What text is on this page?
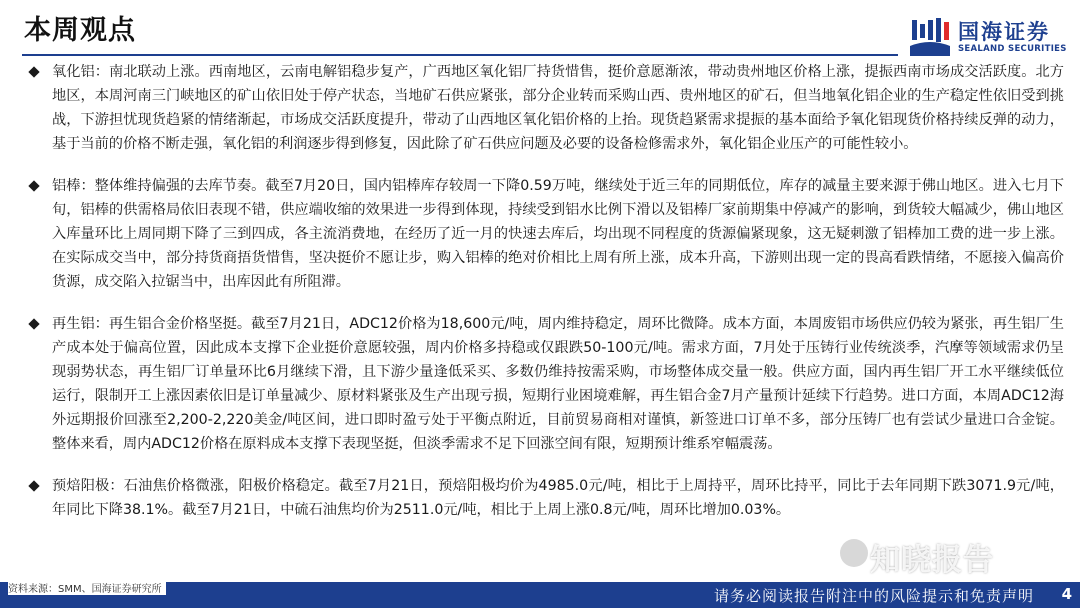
本周观点	国海证券
SEALAND SECURITIES
氧化铝：南北联动上涨。西南地区，云南电解铝稳步复产，广西地区氧化铝厂持货惜售，挺价意愿渐浓，带动贵州地区价格上涨，提振西南市场成交活跃度。北方地区，本周河南三门峡地区的矿山依旧处于停产状态，当地矿石供应紧张，部分企业转而采购山西、贵州地区的矿石，但当地氧化铝企业的生产稳定性依旧受到挑战，下游担忧现货趋紧的情绪渐起，市场成交活跃度提升，带动了山西地区氧化铝价格的上抬。现货趋紧需求提振的基本面给予氧化铝现货价格持续反弹的动力，基于当前的价格不断走强，氧化铝的利润逐步得到修复，因此除了矿石供应问题及必要的设备检修需求外，氧化铝企业压产的可能性较小。
铝棒：整体维持偏强的去库节奏。截至7月20日，国内铝棒库存较周一下降0.59万吨，继续处于近三年的同期低位，库存的减量主要来源于佛山地区。进入七月下旬，铝棒的供需格局依旧表现不错，供应端收缩的效果进一步得到体现，持续受到铝水比例下滑以及铝棒厂家前期集中停减产的影响，到货较大幅减少，佛山地区入库量环比上周同期下降了三到四成，各主流消费地，在经历了近一月的快速去库后，均出现不同程度的货源偏紧现象，这无疑刺激了铝棒加工费的进一步上涨。在实际成交当中，部分持货商捂货惜售，坚决挺价不愿让步，购入铝棒的绝对价相比上周有所上涨，成本升高，下游则出现一定的畏高看跌情绪，不愿接入偏高价货源，成交陷入拉锯当中，出库因此有所阻滞。
再生铝：再生铝合金价格坚挺。截至7月21日，ADC12价格为18,600元/吨，周内维持稳定，周环比微降。成本方面，本周废铝市场供应仍较为紧张，再生铝厂生产成本处于偏高位置，因此成本支撑下企业挺价意愿较强，周内价格多持稳或仅跟跌50-100元/吨。需求方面，7月处于压铸行业传统淡季，汽摩等领域需求仍呈现弱势状态，再生铝厂订单量环比6月继续下滑，且下游少量逢低采买、多数仍维持按需采购，市场整体成交量一般。供应方面，国内再生铝厂开工水平继续低位运行，限制开工上涨因素依旧是订单量减少、原材料紧张及生产出现亏损，短期行业困境难解，再生铝合金7月产量预计延续下行趋势。进口方面，本周ADC12海外远期报价回涨至2,200-2,220美金/吨区间，进口即时盈亏处于平衡点附近，目前贸易商相对谨慎，新签进口订单不多，部分压铸厂也有尝试少量进口合金锭。整体来看，周内ADC12价格在原料成本支撑下表现坚挺，但淡季需求不足下回涨空间有限，短期预计维系窄幅震荡。
预焙阳极：石油焦价格微涨，阳极价格稳定。截至7月21日，预焙阳极均价为4985.0元/吨，相比于上周持平，周环比持平，同比于去年同期下跌3071.9元/吨，年同比下降38.1%。截至7月21日，中硫石油焦均价为2511.0元/吨，相比于上周上涨0.8元/吨，周环比增加0.03%。
知晓报告
资料来源：SMM、国海证券研究所	请务必阅读报告附注中的风险提示和免责声明 4
